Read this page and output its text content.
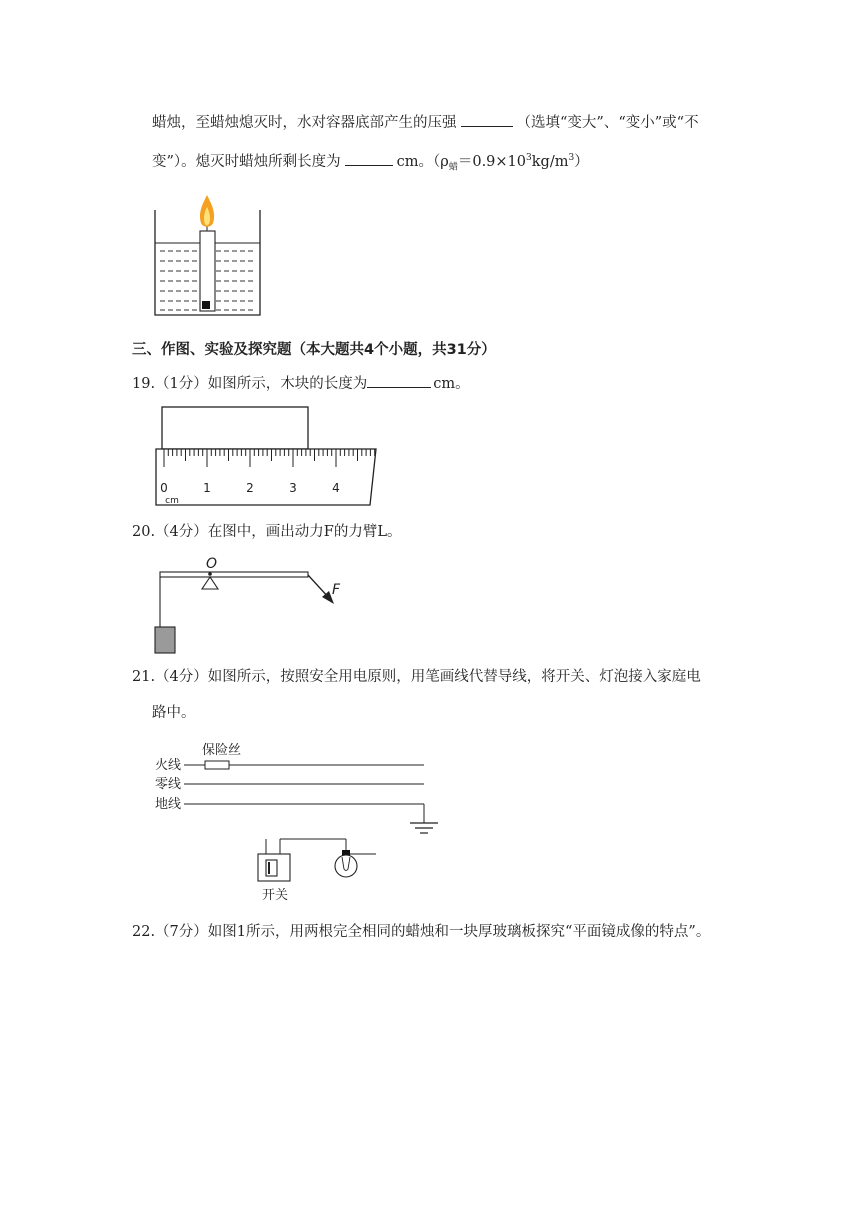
蜡烛，至蜡烛熄灭时，水对容器底部产生的压强	（选填“变大”、“变小”或“不
变”）。熄灭时蜡烛所剩长度为	cm。$(\rho_蜡=0.9\times 10^3kg/m^3)$
三、作图、实验及探究题（本大题共4个小题，共31分）
19.（1分）如图所示，木块的长度为	cm。
0	1	2	3	4
cm
20.（4分）在图中，画出动力F的力臂L。
O
F
21.（4分）如图所示，按照安全用电原则，用笔画线代替导线，将开关、灯泡接入家庭电
路中。
保险丝
火线
零线
地线
开关
22.（7分）如图1所示，用两根完全相同的蜡烛和一块厚玻璃板探究“平面镜成像的特点”。
